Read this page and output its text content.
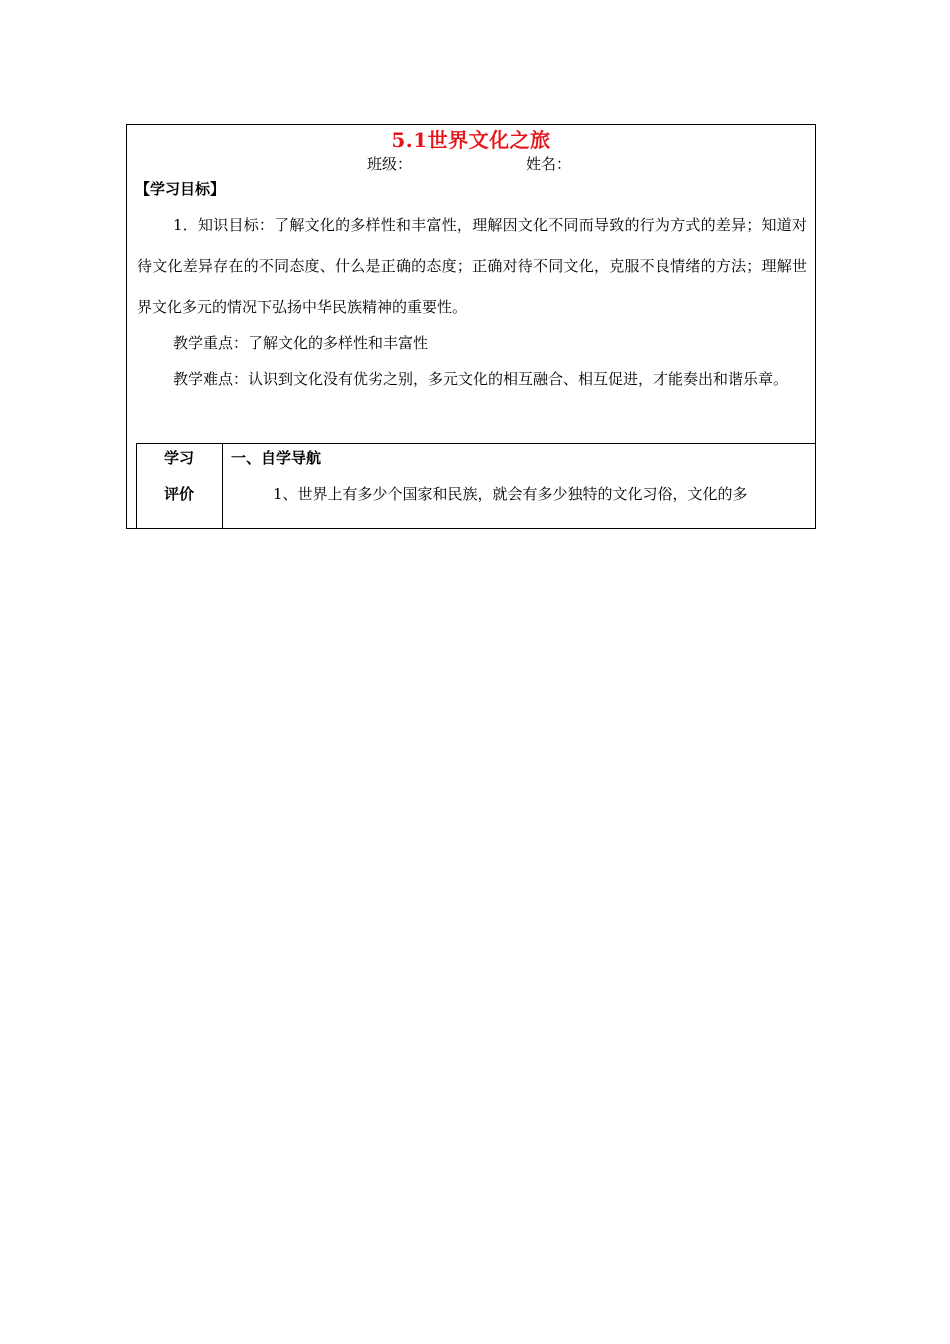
5.1世界文化之旅
班级：	姓名：
【学习目标】
1．知识目标：了解文化的多样性和丰富性，理解因文化不同而导致的行为方式的差异；知道对待文化差异存在的不同态度、什么是正确的态度；正确对待不同文化，克服不良情绪的方法；理解世界文化多元的情况下弘扬中华民族精神的重要性。
教学重点：了解文化的多样性和丰富性
教学难点：认识到文化没有优劣之别，多元文化的相互融合、相互促进，才能奏出和谐乐章。
学习
评价
一、自学导航
1、世界上有多少个国家和民族，就会有多少独特的文化习俗，文化的多
